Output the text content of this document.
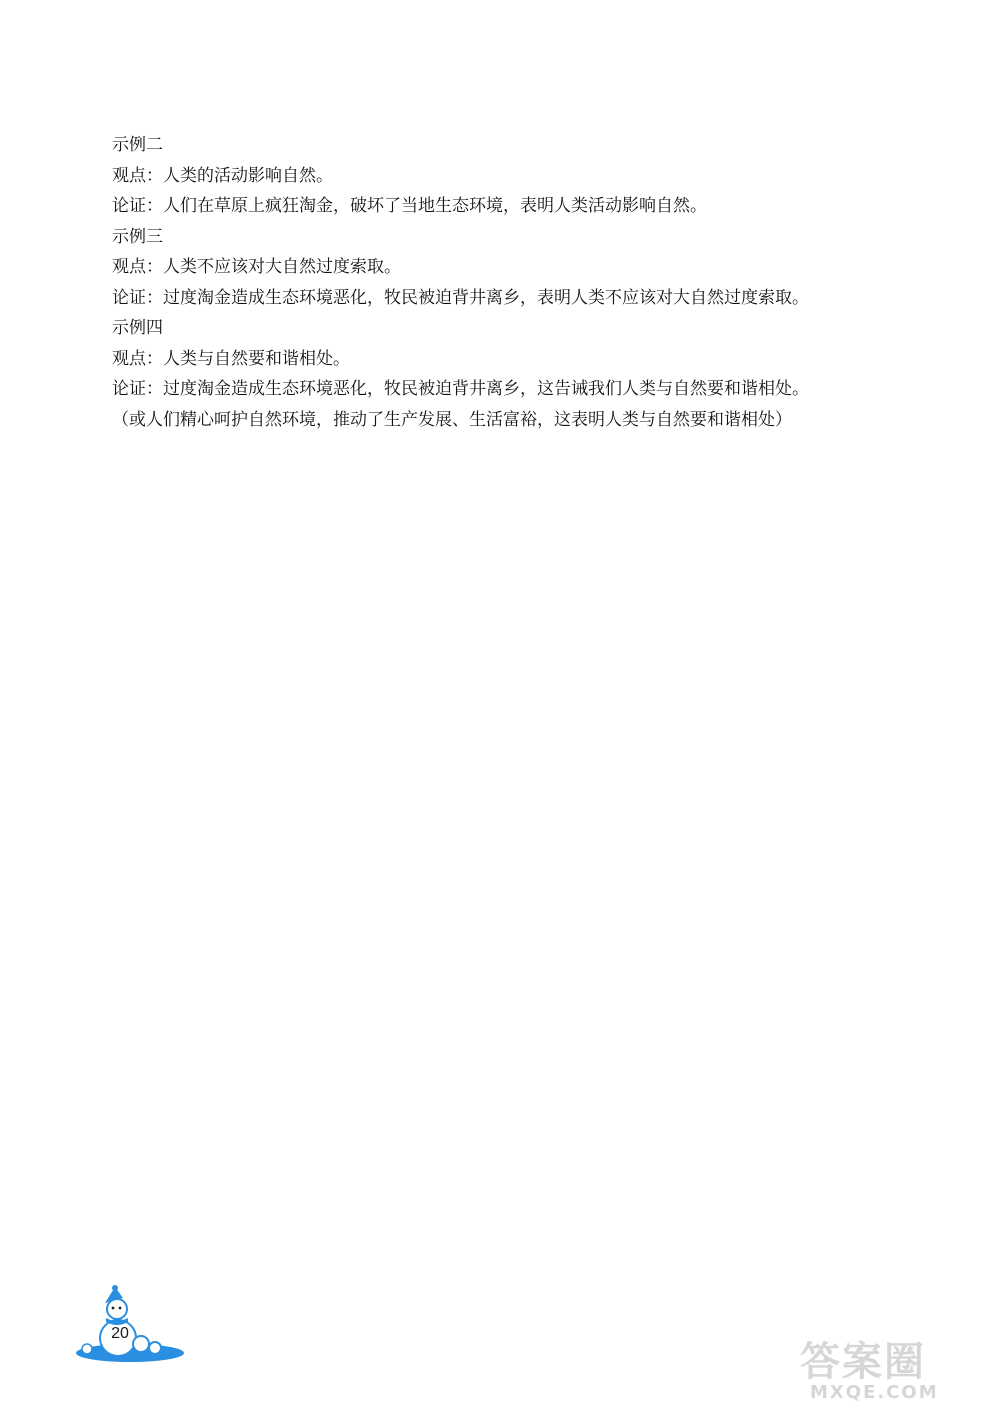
示例二
观点：人类的活动影响自然。
论证：人们在草原上疯狂淘金，破坏了当地生态环境，表明人类活动影响自然。
示例三
观点：人类不应该对大自然过度索取。
论证：过度淘金造成生态环境恶化，牧民被迫背井离乡，表明人类不应该对大自然过度索取。
示例四
观点：人类与自然要和谐相处。
论证：过度淘金造成生态环境恶化，牧民被迫背井离乡，这告诫我们人类与自然要和谐相处。
（或人们精心呵护自然环境，推动了生产发展、生活富裕，这表明人类与自然要和谐相处）
20
答案圈
MXQE.COM
